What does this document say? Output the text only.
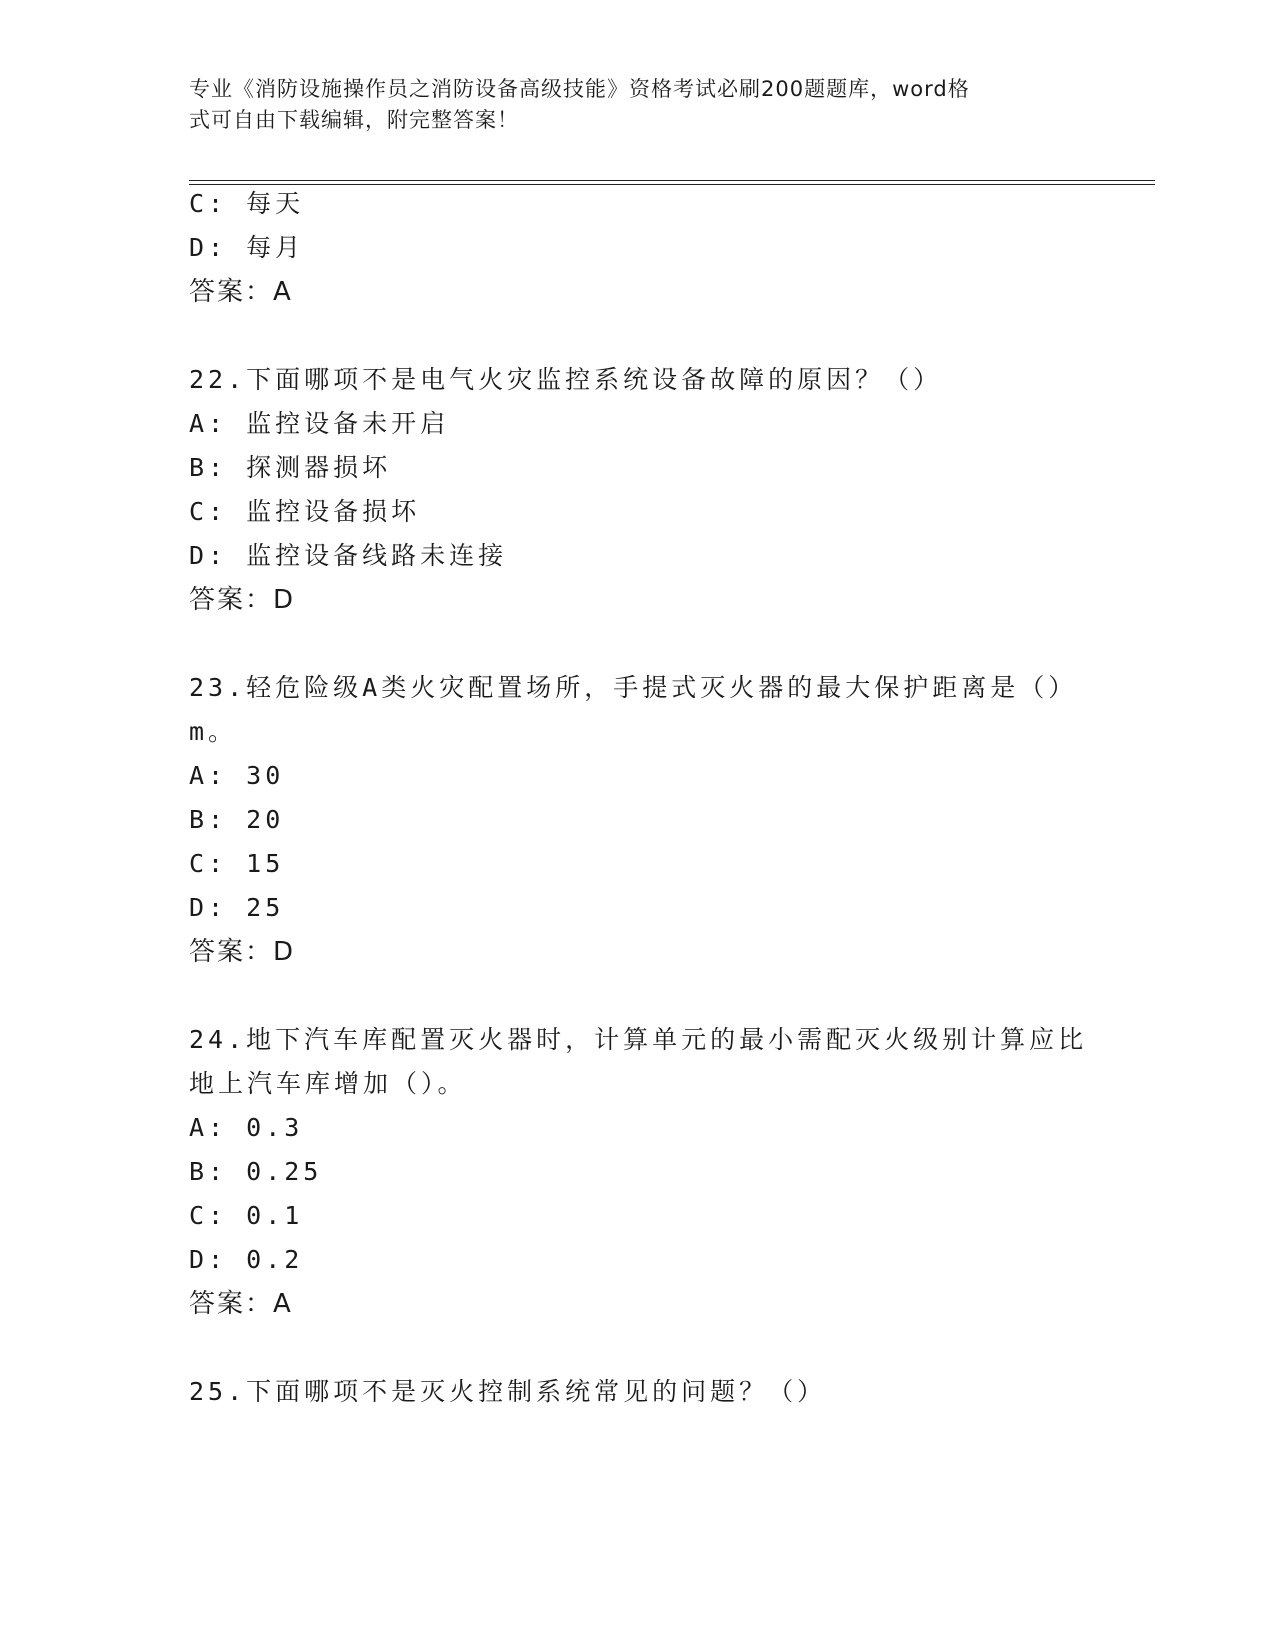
专业《消防设施操作员之消防设备高级技能》资格考试必刷200题题库，word格
式可自由下载编辑，附完整答案！
C: 每天
D: 每月
答案：A
22.下面哪项不是电气火灾监控系统设备故障的原因？（）
A: 监控设备未开启
B: 探测器损坏
C: 监控设备损坏
D: 监控设备线路未连接
答案：D
23.轻危险级A类火灾配置场所，手提式灭火器的最大保护距离是（）
m。
A: 30
B: 20
C: 15
D: 25
答案：D
24.地下汽车库配置灭火器时，计算单元的最小需配灭火级别计算应比
地上汽车库增加（）。
A: 0.3
B: 0.25
C: 0.1
D: 0.2
答案：A
25.下面哪项不是灭火控制系统常见的问题？（）
